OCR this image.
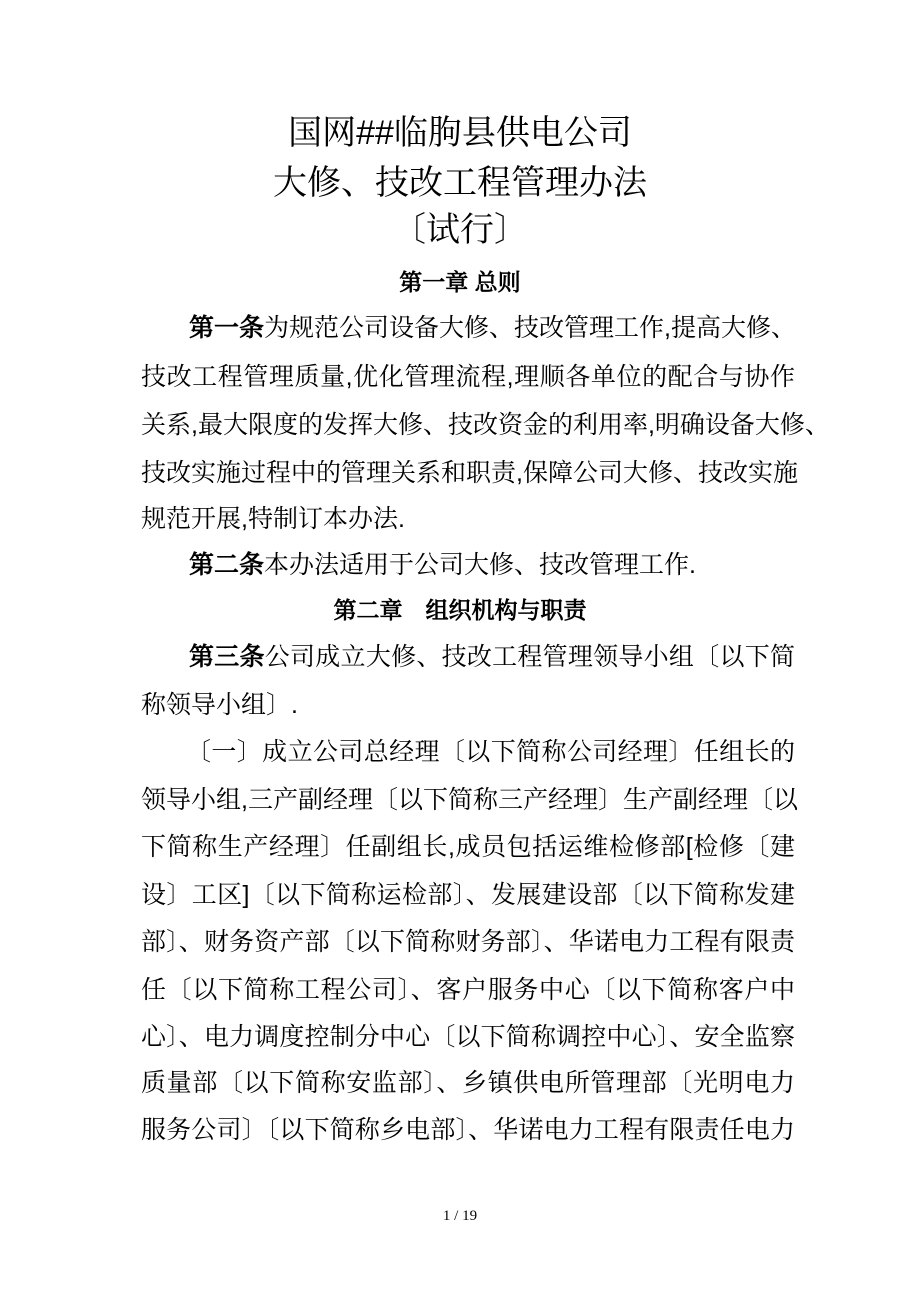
国网##临朐县供电公司
大修、技改工程管理办法
〔试行〕
第一章 总则
第一条为规范公司设备大修、技改管理工作,提高大修、
技改工程管理质量,优化管理流程,理顺各单位的配合与协作
关系,最大限度的发挥大修、技改资金的利用率,明确设备大修、
技改实施过程中的管理关系和职责,保障公司大修、技改实施
规范开展,特制订本办法.
第二条本办法适用于公司大修、技改管理工作.
第二章　组织机构与职责
第三条公司成立大修、技改工程管理领导小组〔以下简
称领导小组〕.
〔一〕成立公司总经理〔以下简称公司经理〕任组长的
领导小组,三产副经理〔以下简称三产经理〕生产副经理〔以
下简称生产经理〕任副组长,成员包括运维检修部[检修〔建
设〕工区]〔以下简称运检部〕、发展建设部〔以下简称发建
部〕、财务资产部〔以下简称财务部〕、华诺电力工程有限责
任〔以下简称工程公司〕、客户服务中心〔以下简称客户中
心〕、电力调度控制分中心〔以下简称调控中心〕、安全监察
质量部〔以下简称安监部〕、乡镇供电所管理部〔光明电力
服务公司〕〔以下简称乡电部〕、华诺电力工程有限责任电力
1 / 19
